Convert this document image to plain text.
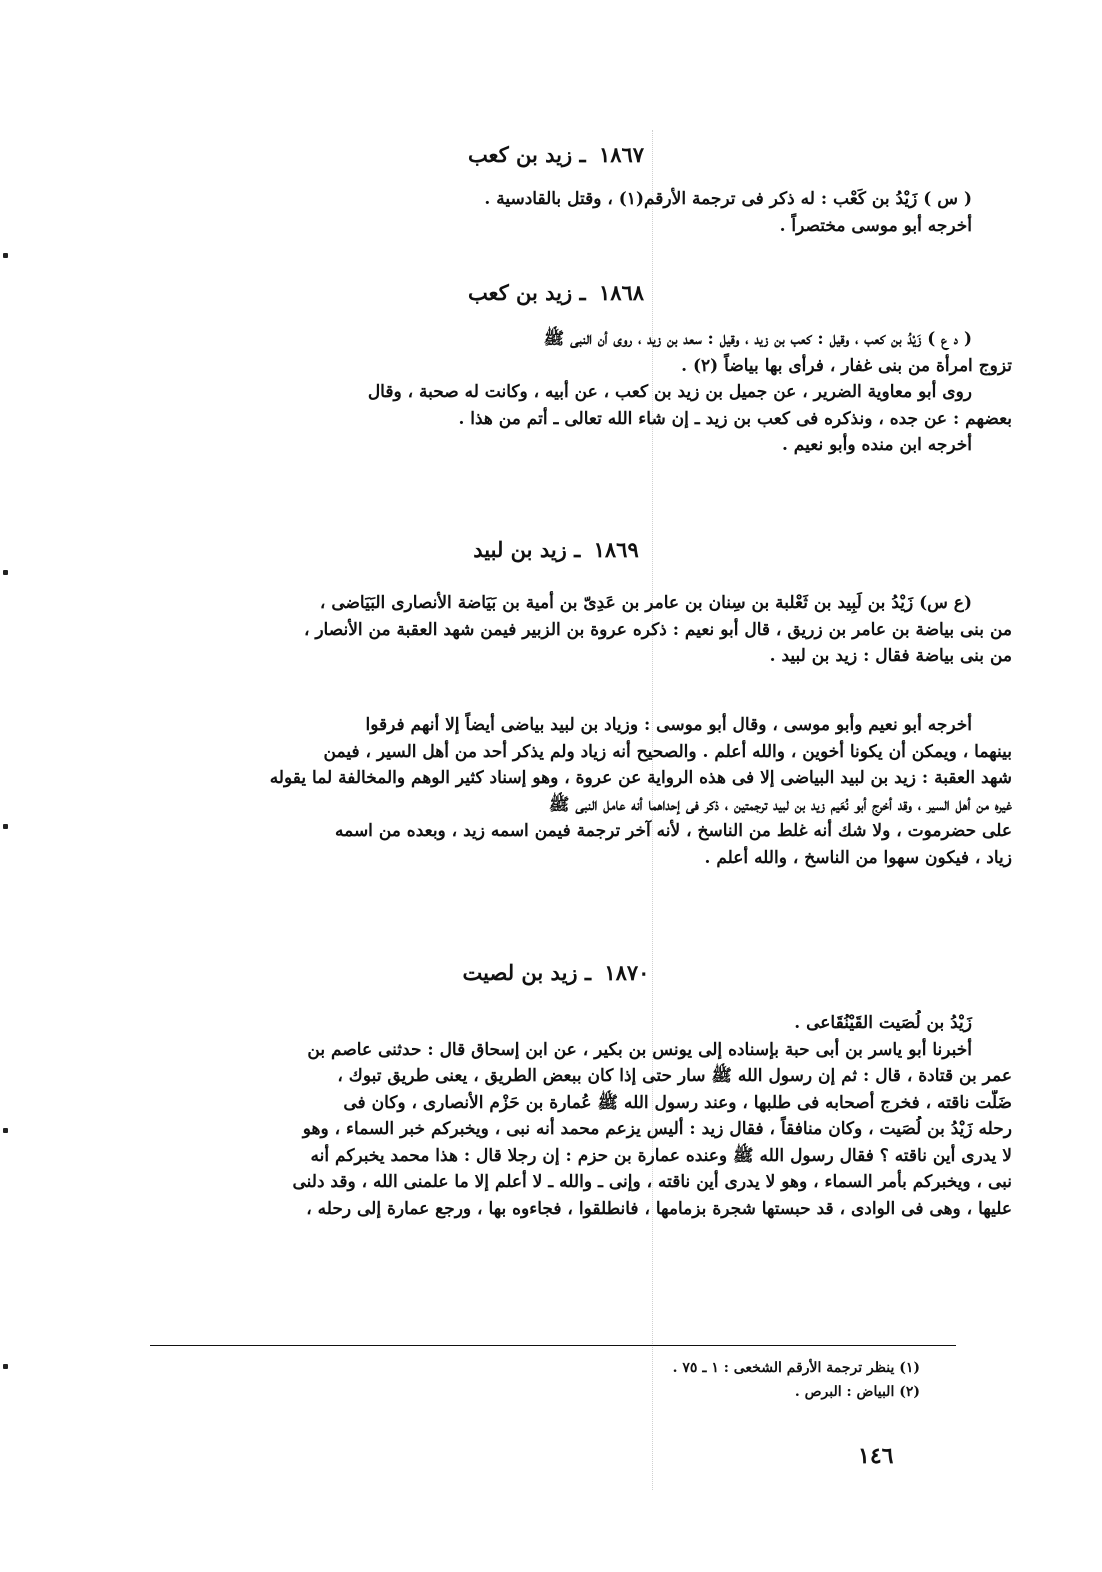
١٨٦٧ ـ زيد بن كعب
( س ) زَيْدُ بن كَعْب : له ذكر فى ترجمة الأرقم(١) ، وقتل بالقادسية .
أخرجه أبو موسى مختصراً .
١٨٦٨ ـ زيد بن كعب
( د ع ) زَيْدُ بن كعب ، وقيل : كعب بن زيد ، وقيل : سعد بن زيد ، روى أن النبى ﷺ
تزوج امرأة من بنى غفار ، فرأى بها بياضاً (٢) .
روى أبو معاوية الضرير ، عن جميل بن زيد بن كعب ، عن أبيه ، وكانت له صحبة ، وقال
بعضهم : عن جده ، ونذكره فى كعب بن زيد ـ إن شاء الله تعالى ـ أتم من هذا .
أخرجه ابن منده وأبو نعيم .
١٨٦٩ ـ زيد بن لبيد
(ع س) زَيْدُ بن لَبِيد بن ثَعْلبة بن سِنان بن عامر بن عَدِىّ بن أمية بن بَيَاضة الأنصارى البَيَاضى ،
من بنى بياضة بن عامر بن زريق ، قال أبو نعيم : ذكره عروة بن الزبير فيمن شهد العقبة من الأنصار ،
من بنى بياضة فقال : زيد بن لبيد .
أخرجه أبو نعيم وأبو موسى ، وقال أبو موسى : وزياد بن لبيد بياضى أيضاً إلا أنهم فرقوا
بينهما ، ويمكن أن يكونا أخوين ، والله أعلم . والصحيح أنه زياد ولم يذكر أحد من أهل السير ، فيمن
شهد العقبة : زيد بن لبيد البياضى إلا فى هذه الرواية عن عروة ، وهو إسناد كثير الوهم والمخالفة لما يقوله
غيره من أهل السير ، وقد أخرج أبو نُعَيم زيد بن لبيد ترجمتين ، ذكر فى إحداهما أنه عامل النبى ﷺ
على حضرموت ، ولا شك أنه غلط من الناسخ ، لأنه آخر ترجمة فيمن اسمه زيد ، وبعده من اسمه
زياد ، فيكون سهوا من الناسخ ، والله أعلم .
١٨٧٠ ـ زيد بن لصيت
زَيْدُ بن لُصَيت القَيْنُقَاعى .
أخبرنا أبو ياسر بن أبى حبة بإسناده إلى يونس بن بكير ، عن ابن إسحاق قال : حدثنى عاصم بن
عمر بن قتادة ، قال : ثم إن رسول الله ﷺ سار حتى إذا كان ببعض الطريق ، يعنى طريق تبوك ،
ضَلَّت ناقته ، فخرج أصحابه فى طلبها ، وعند رسول الله ﷺ عُمارة بن حَزْم الأنصارى ، وكان فى
رحله زَيْدُ بن لُصَيت ، وكان منافقاً ، فقال زيد : أليس يزعم محمد أنه نبى ، ويخبركم خبر السماء ، وهو
لا يدرى أين ناقته ؟ فقال رسول الله ﷺ وعنده عمارة بن حزم : إن رجلا قال : هذا محمد يخبركم أنه
نبى ، ويخبركم بأمر السماء ، وهو لا يدرى أين ناقته ، وإنى ـ والله ـ لا أعلم إلا ما علمنى الله ، وقد دلنى
عليها ، وهى فى الوادى ، قد حبستها شجرة بزمامها ، فانطلقوا ، فجاءوه بها ، ورجع عمارة إلى رحله ،
(١) ينظر ترجمة الأرقم الشخعى : ١ ـ ٧٥ .
(٢) البياض : البرص .
١٤٦
